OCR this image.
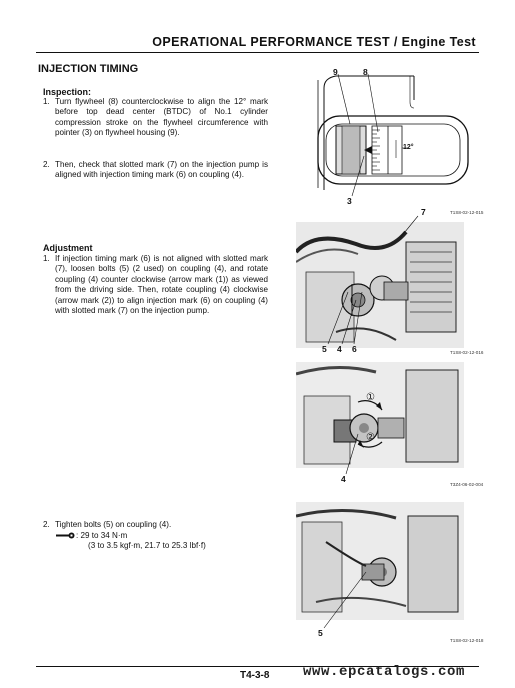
OPERATIONAL PERFORMANCE TEST / Engine Test
INJECTION TIMING
Inspection:
1. Turn flywheel (8) counterclockwise to align the 12° mark before top dead center (BTDC) of No.1 cylinder compression stroke on the flywheel circumference with pointer (3) on flywheel housing (9).
2. Then, check that slotted mark (7) on the injection pump is aligned with injection timing mark (6) on coupling (4).
Adjustment
1. If injection timing mark (6) is not aligned with slotted mark (7), loosen bolts (5) (2 used) on coupling (4), and rotate coupling (4) counter clockwise (arrow mark (1)) as viewed from the driving side. Then, rotate coupling (4) clockwise (arrow mark (2)) to align injection mark (6) on coupling (4) with slotted mark (7) on the injection pump.
2. Tighten bolts (5) on coupling (4).
: 29 to 34 N·m
(3 to 3.5 kgf·m, 21.7 to 25.3 lbf·f)
9	8
3
12°
T1S8-02-12-015
7
5 4 6	T1S8-02-12-016
①
②
4
T3Z4-06-02-004
5
T1S8-02-12-018
T4-3-8 www.epcatalogs.com
